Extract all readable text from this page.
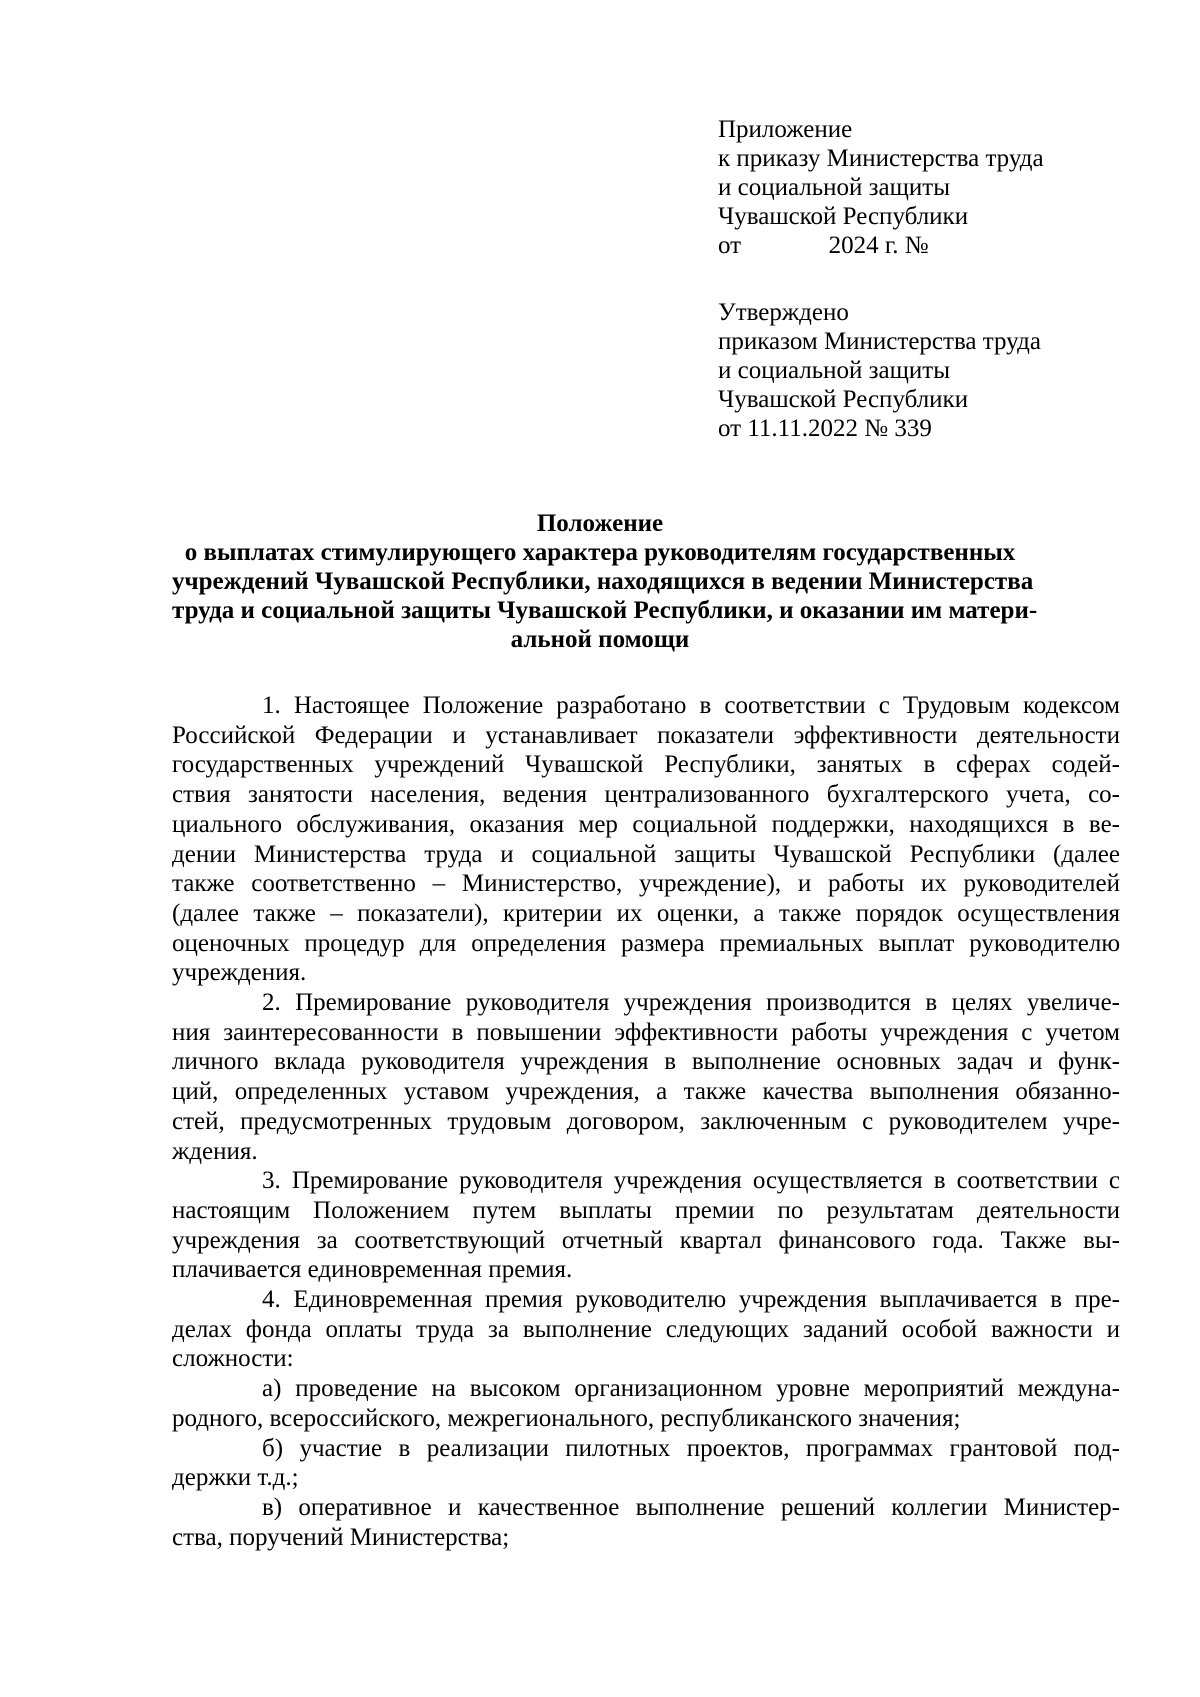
Приложение
к приказу Министерства труда
и социальной защиты
Чувашской Республики
от              2024 г. №
Утверждено
приказом Министерства труда
и социальной защиты
Чувашской Республики
от 11.11.2022 № 339
Положение
о выплатах стимулирующего характера руководителям государственных
учреждений Чувашской Республики, находящихся в ведении Министерства
труда и социальной защиты Чувашской Республики, и оказании им матери-
альной помощи
1. Настоящее Положение разработано в соответствии с Трудовым кодексом
Российской Федерации и устанавливает показатели эффективности деятельности
государственных учреждений Чувашской Республики, занятых в сферах содей-
ствия занятости населения, ведения централизованного бухгалтерского учета, со-
циального обслуживания, оказания мер социальной поддержки, находящихся в ве-
дении Министерства труда и социальной защиты Чувашской Республики (далее
также соответственно – Министерство, учреждение), и работы их руководителей
(далее также – показатели), критерии их оценки, а также порядок осуществления
оценочных процедур для определения размера премиальных выплат руководителю
учреждения.
2. Премирование руководителя учреждения производится в целях увеличе-
ния заинтересованности в повышении эффективности работы учреждения с учетом
личного вклада руководителя учреждения в выполнение основных задач и функ-
ций, определенных уставом учреждения, а также качества выполнения обязанно-
стей, предусмотренных трудовым договором, заключенным с руководителем учре-
ждения.
3. Премирование руководителя учреждения осуществляется в соответствии с
настоящим Положением путем выплаты премии по результатам деятельности
учреждения за соответствующий отчетный квартал финансового года. Также вы-
плачивается единовременная премия.
4. Единовременная премия руководителю учреждения выплачивается в пре-
делах фонда оплаты труда за выполнение следующих заданий особой важности и
сложности:
а) проведение на высоком организационном уровне мероприятий междуна-
родного, всероссийского, межрегионального, республиканского значения;
б) участие в реализации пилотных проектов, программах грантовой под-
держки т.д.;
в) оперативное и качественное выполнение решений коллегии Министер-
ства, поручений Министерства;
